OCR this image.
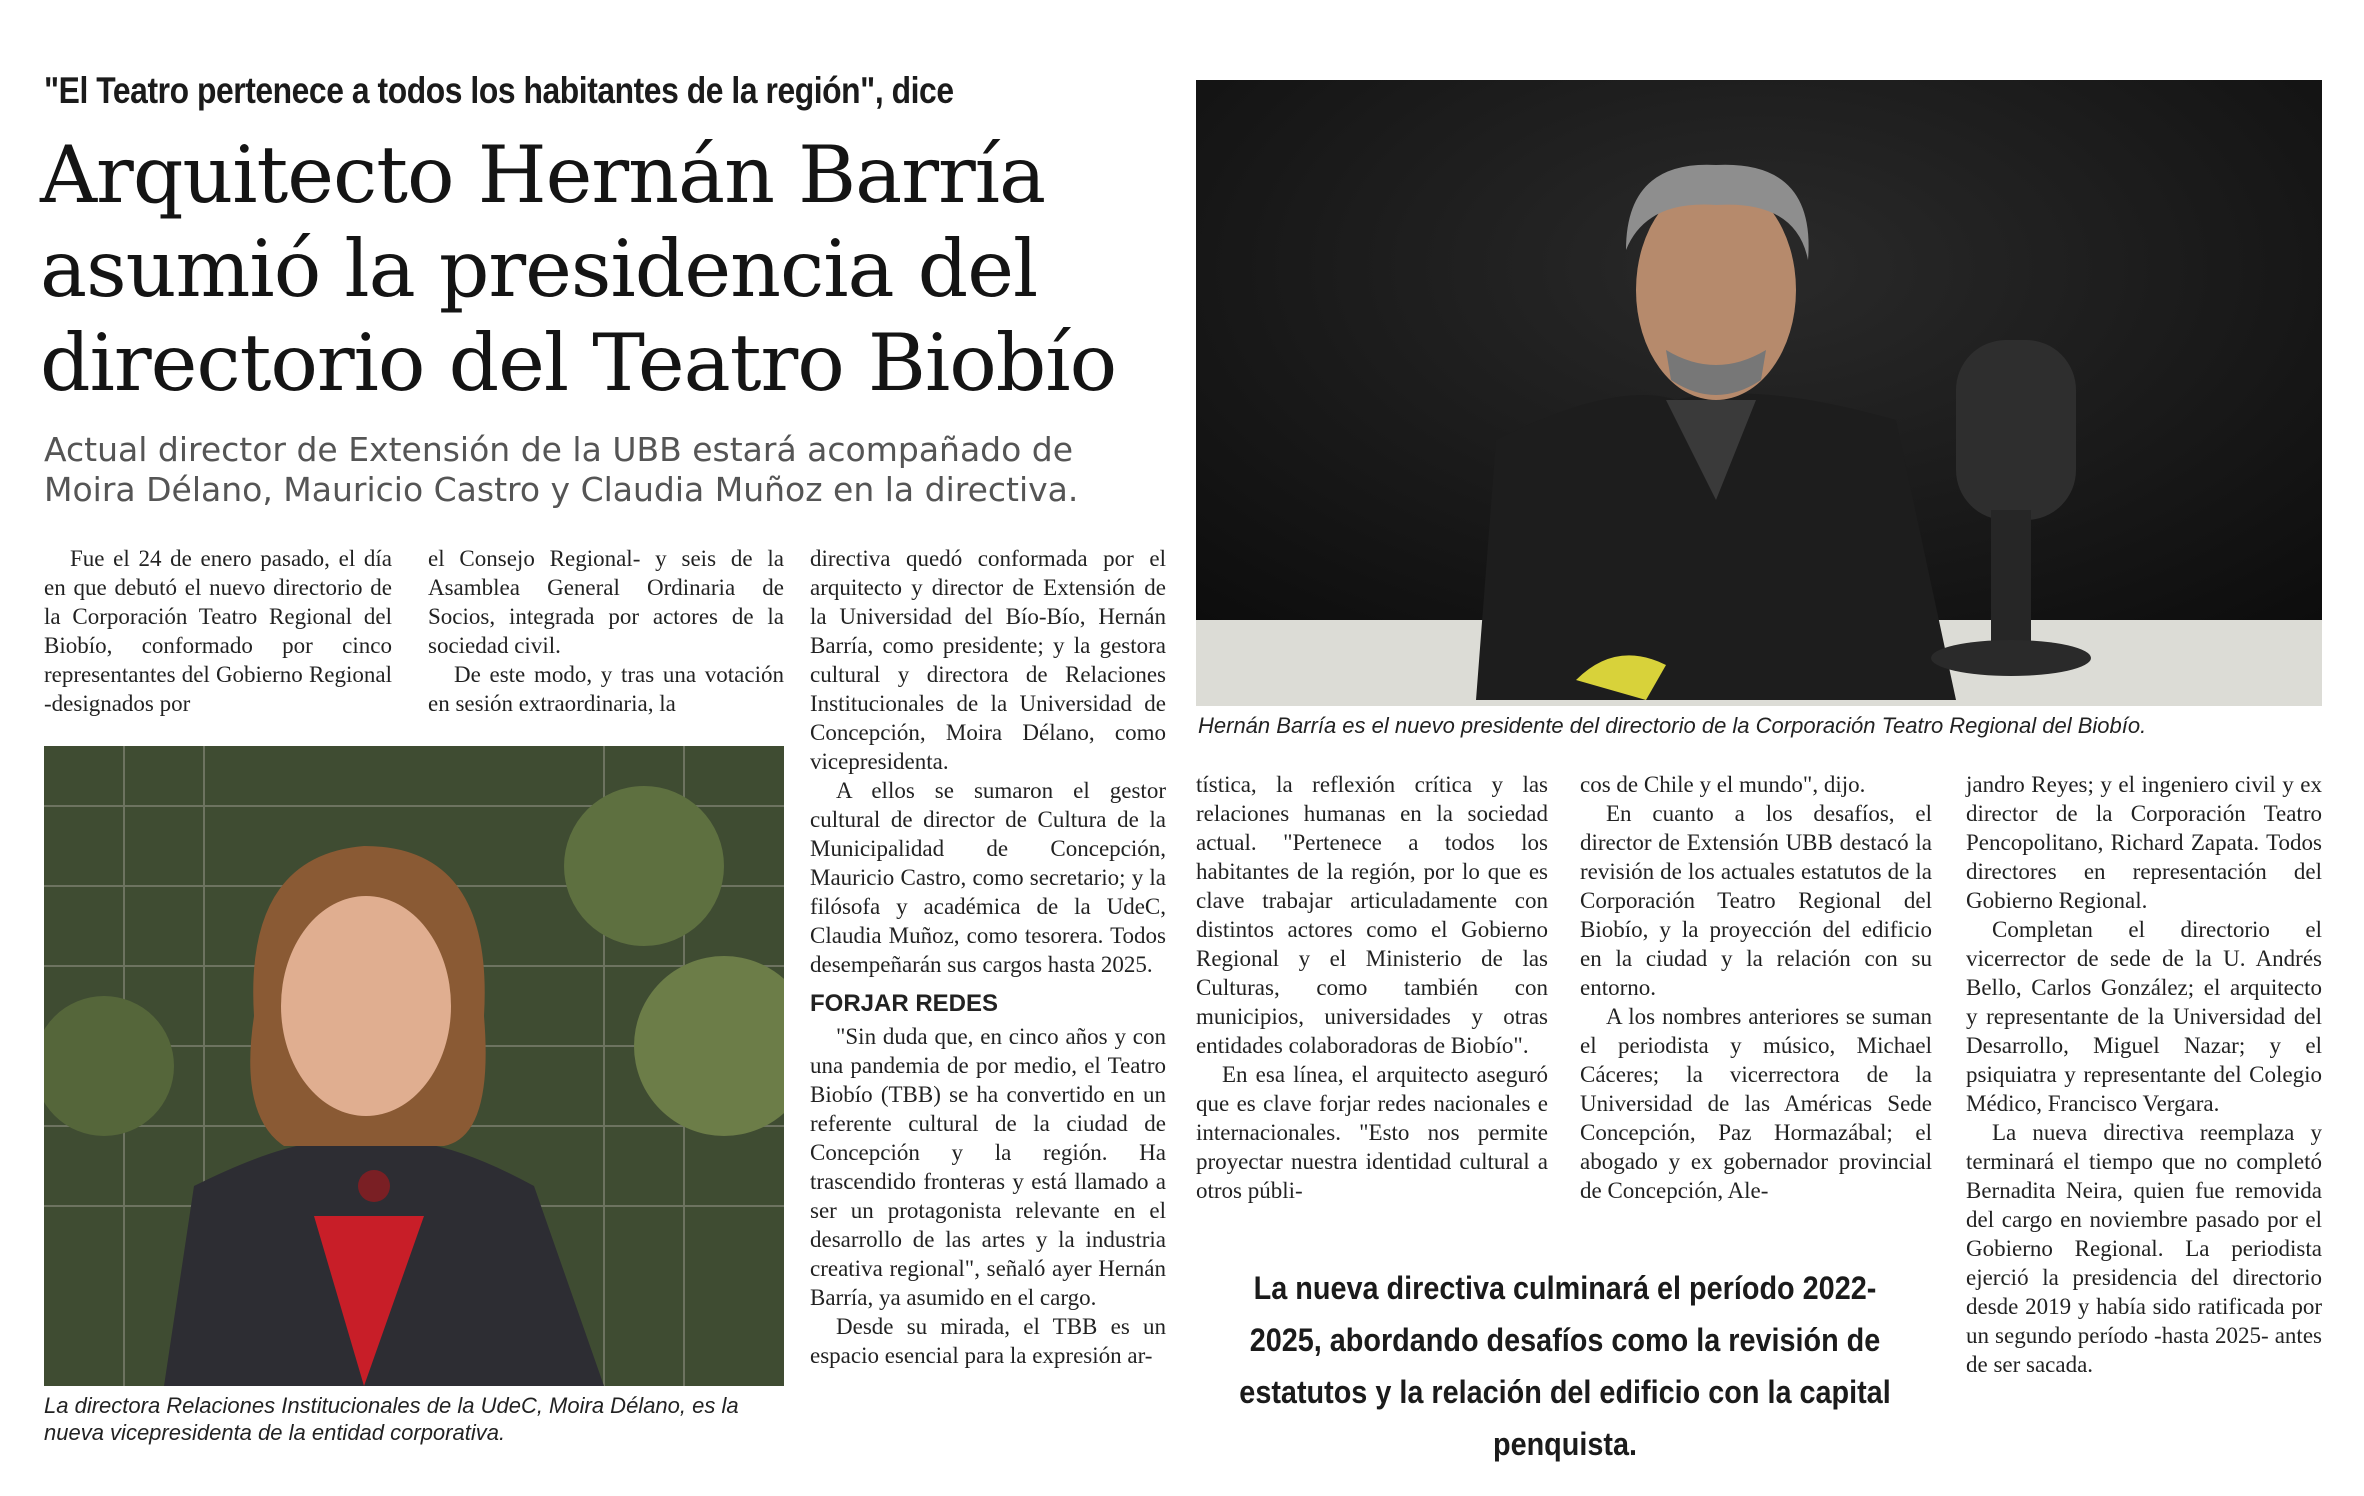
"El Teatro pertenece a todos los habitantes de la región", dice
Arquitecto Hernán Barría asumió la presidencia del directorio del Teatro Biobío
Actual director de Extensión de la UBB estará acompañado de Moira Délano, Mauricio Castro y Claudia Muñoz en la directiva.
Hernán Barría es el nuevo presidente del directorio de la Corporación Teatro Regional del Biobío.

Fue el 24 de enero pasado, el día en que debutó el nuevo directorio de la Corporación Teatro Regional del Biobío, conformado por cinco representantes del Gobierno Regional -designados por

el Consejo Regional- y seis de la Asamblea General Ordinaria de Socios, integrada por actores de la sociedad civil.

De este modo, y tras una votación en sesión extraordinaria, la

La directora Relaciones Institucionales de la UdeC, Moira Délano, es la nueva vicepresidenta de la entidad corporativa.

directiva quedó conformada por el arquitecto y director de Extensión de la Universidad del Bío-Bío, Hernán Barría, como presidente; y la gestora cultural y directora de Relaciones Institucionales de la Universidad de Concepción, Moira Délano, como vicepresidenta.

A ellos se sumaron el gestor cultural de director de Cultura de la Municipalidad de Concepción, Mauricio Castro, como secretario; y la filósofa y académica de la UdeC, Claudia Muñoz, como tesorera. Todos desempeñarán sus cargos hasta 2025.

FORJAR REDES

"Sin duda que, en cinco años y con una pandemia de por medio, el Teatro Biobío (TBB) se ha convertido en un referente cultural de la ciudad de Concepción y la región. Ha trascendido fronteras y está llamado a ser un protagonista relevante en el desarrollo de las artes y la industria creativa regional", señaló ayer Hernán Barría, ya asumido en el cargo.

Desde su mirada, el TBB es un espacio esencial para la expresión ar-

tística, la reflexión crítica y las relaciones humanas en la sociedad actual. "Pertenece a todos los habitantes de la región, por lo que es clave trabajar articuladamente con distintos actores como el Gobierno Regional y el Ministerio de las Culturas, como también con municipios, universidades y otras entidades colaboradoras de Biobío".

En esa línea, el arquitecto aseguró que es clave forjar redes nacionales e internacionales. "Esto nos permite proyectar nuestra identidad cultural a otros públi-

cos de Chile y el mundo", dijo.

En cuanto a los desafíos, el director de Extensión UBB destacó la revisión de los actuales estatutos de la Corporación Teatro Regional del Biobío, y la proyección del edificio en la ciudad y la relación con su entorno.

A los nombres anteriores se suman el periodista y músico, Michael Cáceres; la vicerrectora de la Universidad de las Américas Sede Concepción, Paz Hormazábal; el abogado y ex gobernador provincial de Concepción, Ale-

jandro Reyes; y el ingeniero civil y ex director de la Corporación Teatro Pencopolitano, Richard Zapata. Todos directores en representación del Gobierno Regional.

Completan el directorio el vicerrector de sede de la U. Andrés Bello, Carlos González; el arquitecto y representante de la Universidad del Desarrollo, Miguel Nazar; y el psiquiatra y representante del Colegio Médico, Francisco Vergara.

La nueva directiva reemplaza y terminará el tiempo que no completó Bernadita Neira, quien fue removida del cargo en noviembre pasado por el Gobierno Regional. La periodista ejerció la presidencia del directorio desde 2019 y había sido ratificada por un segundo período -hasta 2025- antes de ser sacada.

La nueva directiva culminará el período 2022-2025, abordando desafíos como la revisión de estatutos y la relación del edificio con la capital penquista.
